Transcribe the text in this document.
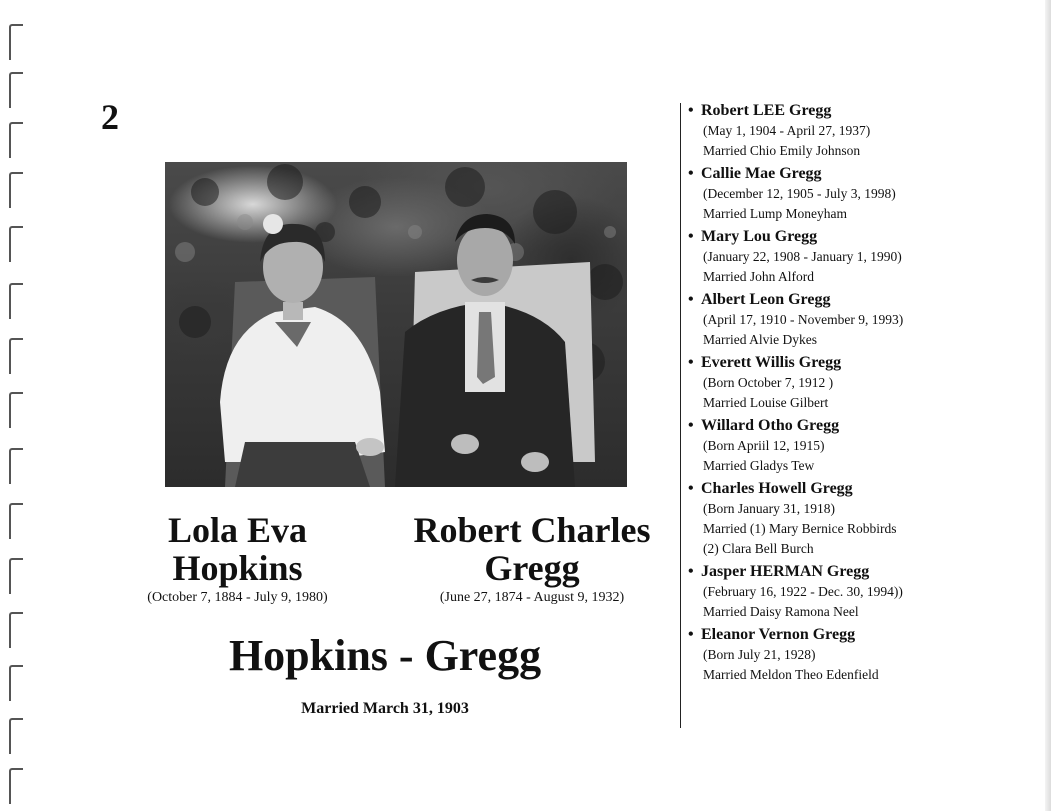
2
Lola Eva
Hopkins
(October 7, 1884 - July 9, 1980)
Robert Charles
Gregg
(June 27, 1874 - August 9, 1932)
Hopkins - Gregg
Married March 31, 1903
• Robert LEE Gregg
(May 1, 1904 - April 27, 1937)
Married Chio Emily Johnson
• Callie Mae Gregg
(December 12, 1905 - July 3, 1998)
Married Lump Moneyham
• Mary Lou Gregg
(January 22, 1908 - January 1, 1990)
Married John Alford
• Albert Leon Gregg
(April 17, 1910 - November 9, 1993)
Married Alvie Dykes
• Everett Willis Gregg
(Born October 7, 1912 )
Married Louise Gilbert
• Willard Otho Gregg
(Born Apriil 12, 1915)
Married Gladys Tew
• Charles Howell Gregg
(Born January 31, 1918)
Married (1) Mary Bernice Robbirds
(2) Clara Bell Burch
• Jasper HERMAN Gregg
(February 16, 1922 - Dec. 30, 1994))
Married Daisy Ramona Neel
• Eleanor Vernon Gregg
(Born July 21, 1928)
Married Meldon Theo Edenfield
